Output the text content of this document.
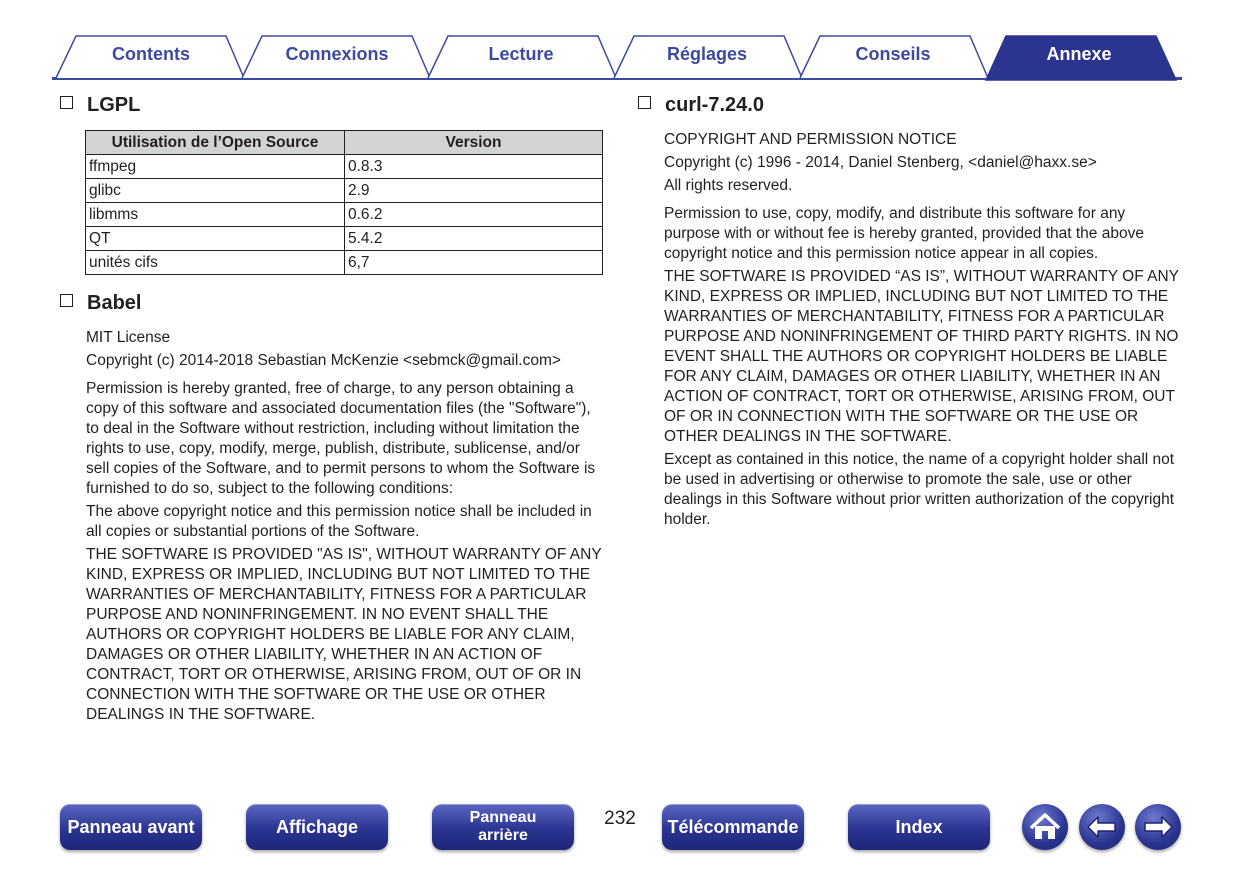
Contents	Connexions	Lecture	Réglages	Conseils	Annexe
LGPL
Utilisation de l’Open Source	Version
ffmpeg	0.8.3
glibc	2.9
libmms	0.6.2
QT	5.4.2
unités cifs	6,7
Babel

MIT License

Copyright (c) 2014-2018 Sebastian McKenzie <sebmck@gmail.com>

Permission is hereby granted, free of charge, to any person obtaining a copy of this software and associated documentation files (the "Software"), to deal in the Software without restriction, including without limitation the rights to use, copy, modify, merge, publish, distribute, sublicense, and/or sell copies of the Software, and to permit persons to whom the Software is furnished to do so, subject to the following conditions:

The above copyright notice and this permission notice shall be included in all copies or substantial portions of the Software.

THE SOFTWARE IS PROVIDED "AS IS", WITHOUT WARRANTY OF ANY KIND, EXPRESS OR IMPLIED, INCLUDING BUT NOT LIMITED TO THE WARRANTIES OF MERCHANTABILITY, FITNESS FOR A PARTICULAR PURPOSE AND NONINFRINGEMENT. IN NO EVENT SHALL THE AUTHORS OR COPYRIGHT HOLDERS BE LIABLE FOR ANY CLAIM, DAMAGES OR OTHER LIABILITY, WHETHER IN AN ACTION OF CONTRACT, TORT OR OTHERWISE, ARISING FROM, OUT OF OR IN CONNECTION WITH THE SOFTWARE OR THE USE OR OTHER DEALINGS IN THE SOFTWARE.

curl-7.24.0

COPYRIGHT AND PERMISSION NOTICE

Copyright (c) 1996 - 2014, Daniel Stenberg, <daniel@haxx.se>

All rights reserved.

Permission to use, copy, modify, and distribute this software for any purpose with or without fee is hereby granted, provided that the above copyright notice and this permission notice appear in all copies.

THE SOFTWARE IS PROVIDED “AS IS”, WITHOUT WARRANTY OF ANY KIND, EXPRESS OR IMPLIED, INCLUDING BUT NOT LIMITED TO THE WARRANTIES OF MERCHANTABILITY, FITNESS FOR A PARTICULAR PURPOSE AND NONINFRINGEMENT OF THIRD PARTY RIGHTS. IN NO EVENT SHALL THE AUTHORS OR COPYRIGHT HOLDERS BE LIABLE FOR ANY CLAIM, DAMAGES OR OTHER LIABILITY, WHETHER IN AN ACTION OF CONTRACT, TORT OR OTHERWISE, ARISING FROM, OUT OF OR IN CONNECTION WITH THE SOFTWARE OR THE USE OR OTHER DEALINGS IN THE SOFTWARE.

Except as contained in this notice, the name of a copyright holder shall not be used in advertising or otherwise to promote the sale, use or other dealings in this Software without prior written authorization of the copyright holder.

Panneau avant	Affichage	Panneau
arrière
232	Télécommande	Index
